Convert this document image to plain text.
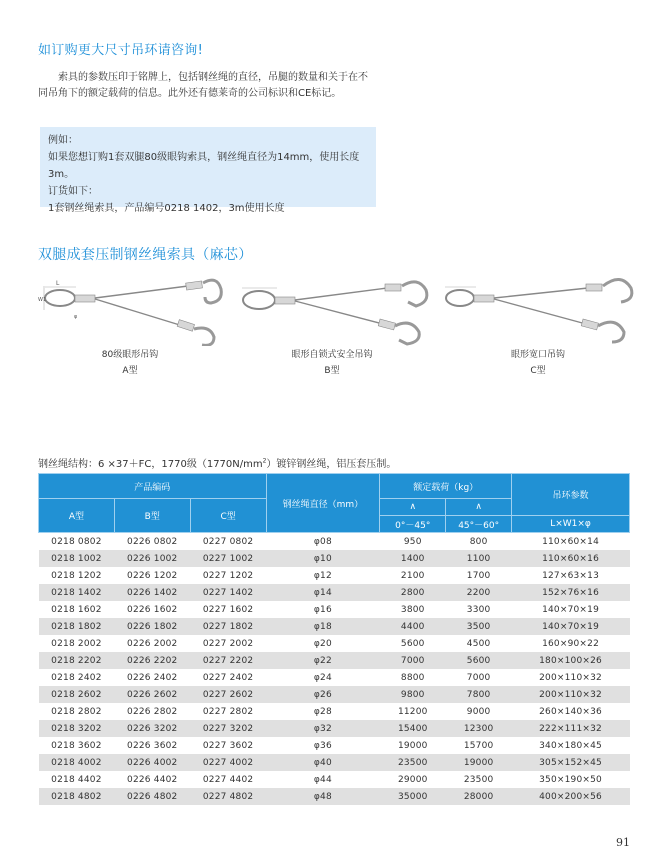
如订购更大尺寸吊环请咨询!
索具的参数压印于铭牌上，包括钢丝绳的直径，吊腿的数量和关于在不同吊角下的额定载荷的信息。此外还有德莱奇的公司标识和CE标记。
例如：
如果您想订购1套双腿80级眼钩索具，钢丝绳直径为14mm，使用长度3m。
订货如下：
1套钢丝绳索具，产品编号0218 1402，3m使用长度
双腿成套压制钢丝绳索具（麻芯）
L
W1
φ
80级眼形吊钩
A型
眼形自锁式安全吊钩
B型
眼形宽口吊钩
C型
钢丝绳结构：6 ×37＋FC，1770级$(1770N/mm^2)$镀锌钢丝绳，铝压套压制。
产品编码			钢丝绳直径（mm）	额定载荷（kg）		吊环参数
A型	B型	C型		∧	∧	
				0°－45°	45°－60°	L×W1×φ
0218 0802	0226 0802	0227 0802	φ08	950	800	110×60×14
0218 1002	0226 1002	0227 1002	φ10	1400	1100	110×60×16
0218 1202	0226 1202	0227 1202	φ12	2100	1700	127×63×13
0218 1402	0226 1402	0227 1402	φ14	2800	2200	152×76×16
0218 1602	0226 1602	0227 1602	φ16	3800	3300	140×70×19
0218 1802	0226 1802	0227 1802	φ18	4400	3500	140×70×19
0218 2002	0226 2002	0227 2002	φ20	5600	4500	160×90×22
0218 2202	0226 2202	0227 2202	φ22	7000	5600	180×100×26
0218 2402	0226 2402	0227 2402	φ24	8800	7000	200×110×32
0218 2602	0226 2602	0227 2602	φ26	9800	7800	200×110×32
0218 2802	0226 2802	0227 2802	φ28	11200	9000	260×140×36
0218 3202	0226 3202	0227 3202	φ32	15400	12300	222×111×32
0218 3602	0226 3602	0227 3602	φ36	19000	15700	340×180×45
0218 4002	0226 4002	0227 4002	φ40	23500	19000	305×152×45
0218 4402	0226 4402	0227 4402	φ44	29000	23500	350×190×50
0218 4802	0226 4802	0227 4802	φ48	35000	28000	400×200×56
91
